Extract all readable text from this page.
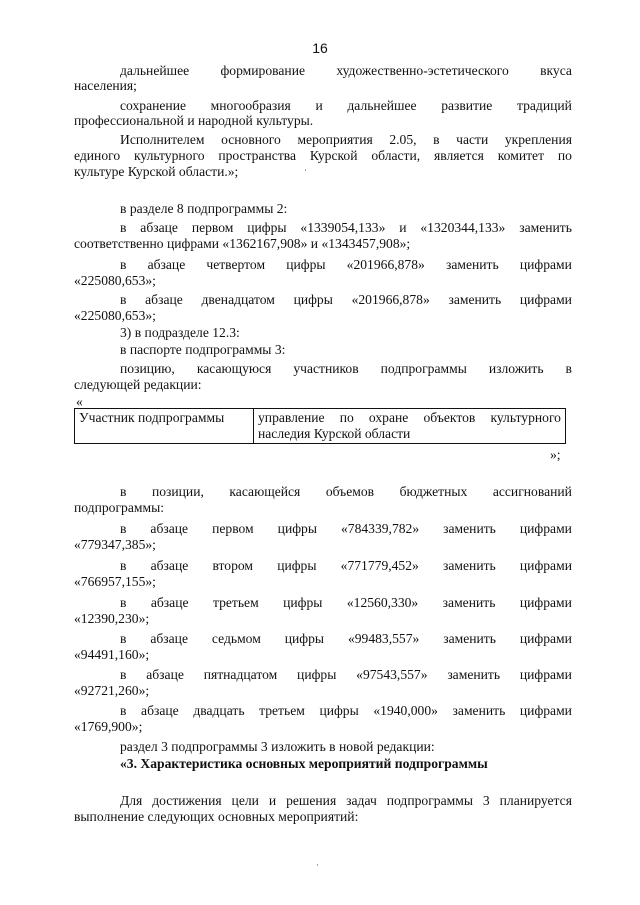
16
дальнейшее формирование художественно-эстетического вкуса
населения;
сохранение многообразия и дальнейшее развитие традиций
профессиональной и народной культуры.
Исполнителем основного мероприятия 2.05, в части укрепления
единого культурного пространства Курской области, является комитет по
культуре Курской области.»;
в разделе 8 подпрограммы 2:
в абзаце первом цифры «1339054,133» и «1320344,133» заменить
соответственно цифрами «1362167,908» и «1343457,908»;
в абзаце четвертом цифры «201966,878» заменить цифрами
«225080,653»;
в абзаце двенадцатом цифры «201966,878» заменить цифрами
«225080,653»;
3) в подразделе 12.3:
в паспорте подпрограммы 3:
позицию, касающуюся участников подпрограммы изложить в
следующей редакции:
«
Участник подпрограммы	управление по охране объектов культурного
наследия Курской области
»;
в позиции, касающейся объемов бюджетных ассигнований
подпрограммы:
в абзаце первом цифры «784339,782» заменить цифрами
«779347,385»;
в абзаце втором цифры «771779,452» заменить цифрами
«766957,155»;
в абзаце третьем цифры «12560,330» заменить цифрами
«12390,230»;
в абзаце седьмом цифры «99483,557» заменить цифрами
«94491,160»;
в абзаце пятнадцатом цифры «97543,557» заменить цифрами
«92721,260»;
в абзаце двадцать третьем цифры «1940,000» заменить цифрами
«1769,900»;
раздел 3 подпрограммы 3 изложить в новой редакции:
«3. Характеристика основных мероприятий подпрограммы
Для достижения цели и решения задач подпрограммы 3 планируется
выполнение следующих основных мероприятий:
·
·
